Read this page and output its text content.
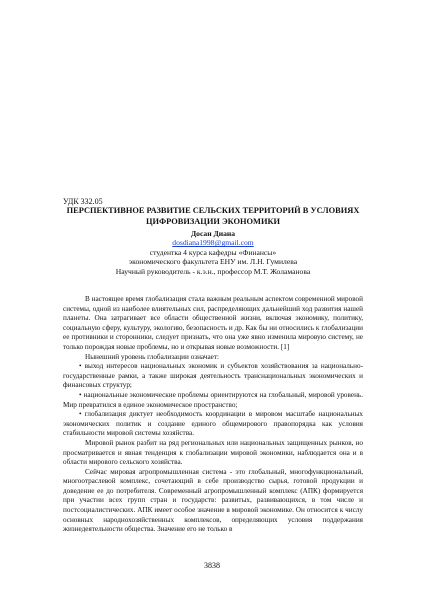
УДК 332.05
ПЕРСПЕКТИВНОЕ РАЗВИТИЕ СЕЛЬСКИХ ТЕРРИТОРИЙ В УСЛОВИЯХ
ЦИФРОВИЗАЦИИ ЭКОНОМИКИ
Досан Диана
dosdiana1998@gmail.com
студентка 4 курса кафедры «Финансы»
экономического факультета ЕНУ им. Л.Н. Гумилева
Научный руководитель - к.э.н., профессор М.Т. Жоламанова

В настоящее время глобализация стала важным реальным аспектом современной мировой системы, одной из наиболее влиятельных сил, распределяющих дальнейший ход развития нашей планеты. Она затрагивает все области общественной жизни, включая экономику, политику, социальную сферу, культуру, экологию, безопасность и др. Как бы ни относились к глобализации ее противники и сторонники, следует признать, что она уже явно изменила мировую систему, не только порождая новые проблемы, но и открывая новые возможности. [1]

Нынешний уровень глобализации означает:

• выход интересов национальных экономик и субъектов хозяйствования за национально-государственные рамки, а также широкая деятельность транснациональных экономических и финансовых структур;

• национальные экономические проблемы ориентируются на глобальный, мировой уровень. Мир превратился в единое экономическое пространство;

• глобализация диктует необходимость координации в мировом масштабе национальных экономических политик и создание единого общемирового правопорядка как условия стабильности мировой системы хозяйства.

Мировой рынок разбит на ряд региональных или национальных защищенных рынков, но просматривается и явная тенденция к глобализации мировой экономики, наблюдается она и в области мирового сельского хозяйства.

Сейчас мировая агропромышленная система - это глобальный, многофункциональный, многоотраслевой комплекс, сочетающий в себе производство сырья, готовой продукции и доведение ее до потребителя. Современный агропромышленный комплекс (АПК) формируется при участии всех групп стран и государств: развитых, развивающихся, в том числе и постсоциалистических. АПК имеет особое значение в мировой экономике. Он относится к числу основных народнохозяйственных комплексов, определяющих условия поддержания жизнедеятельности общества. Значение его не только в

3838
